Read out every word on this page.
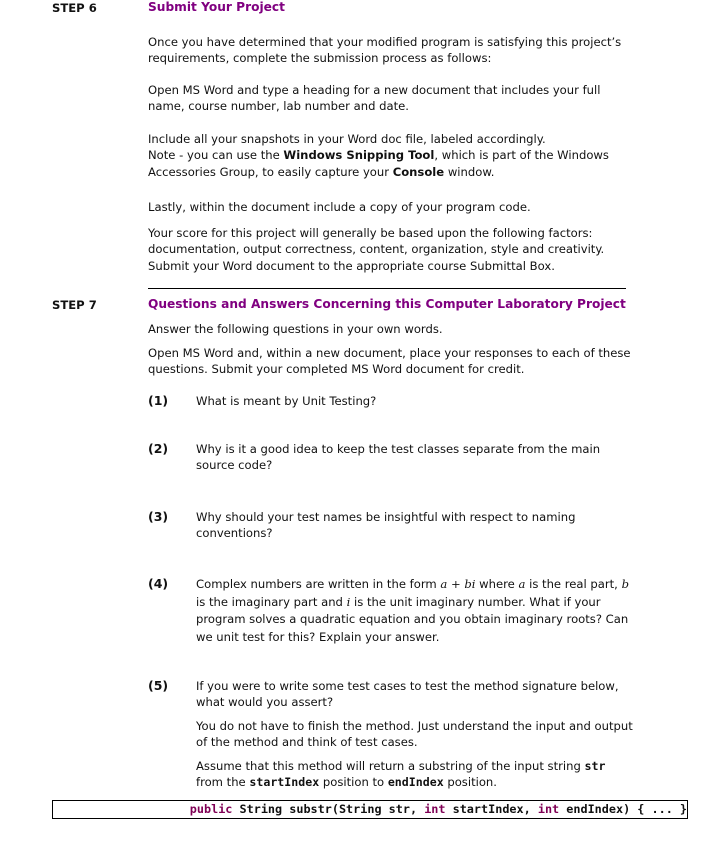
STEP 6	Submit Your Project
Once you have determined that your modified program is satisfying this project’s requirements, complete the submission process as follows:
Open MS Word and type a heading for a new document that includes your full name, course number, lab number and date.
Include all your snapshots in your Word doc file, labeled accordingly.
Note - you can use the Windows Snipping Tool, which is part of the Windows Accessories Group, to easily capture your Console window.
Lastly, within the document include a copy of your program code.
Your score for this project will generally be based upon the following factors: documentation, output correctness, content, organization, style and creativity. Submit your Word document to the appropriate course Submittal Box.
STEP 7	Questions and Answers Concerning this Computer Laboratory Project
Answer the following questions in your own words.
Open MS Word and, within a new document, place your responses to each of these questions. Submit your completed MS Word document for credit.
(1) What is meant by Unit Testing?
(2) Why is it a good idea to keep the test classes separate from the main source code?
(3) Why should your test names be insightful with respect to naming conventions?
(4) Complex numbers are written in the form a + bi where a is the real part, b is the imaginary part and i is the unit imaginary number. What if your program solves a quadratic equation and you obtain imaginary roots? Can we unit test for this? Explain your answer.
(5) If you were to write some test cases to test the method signature below, what would you assert?
You do not have to finish the method. Just understand the input and output of the method and think of test cases.
Assume that this method will return a substring of the input string str from the startIndex position to endIndex position.
public String substr(String str, int startIndex, int endIndex) { ... }
